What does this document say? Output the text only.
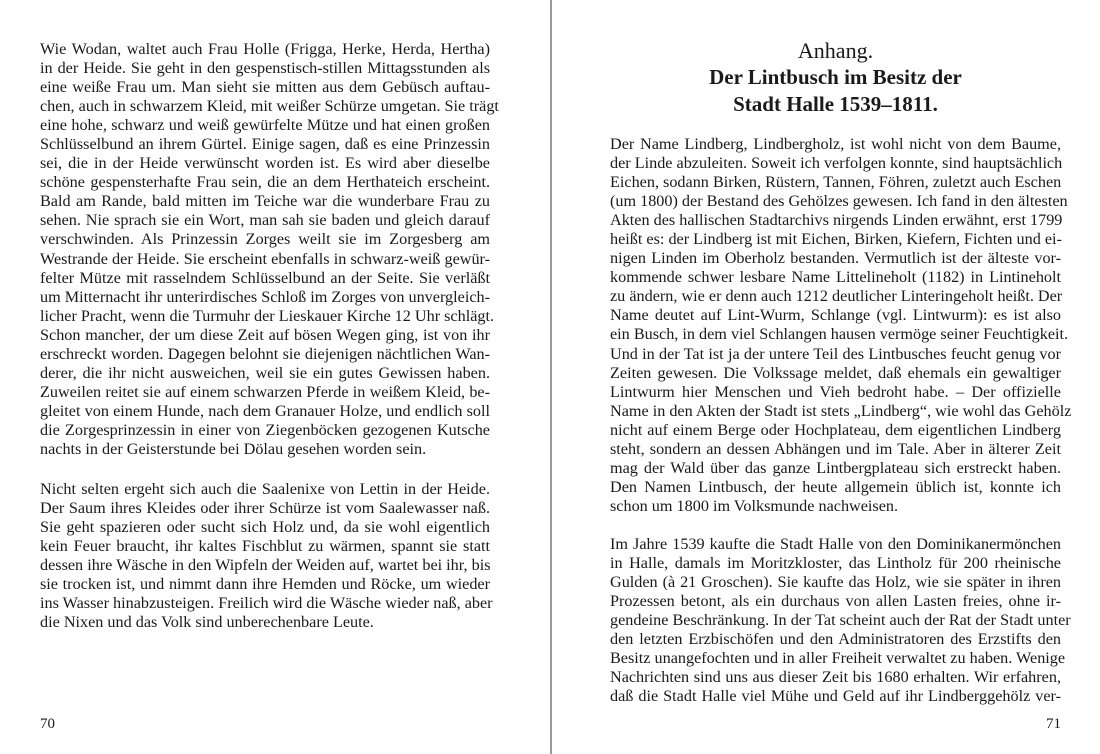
Wie Wodan, waltet auch Frau Holle (Frigga, Herke, Herda, Hertha)
in der Heide. Sie geht in den gespenstisch-stillen Mittagsstunden als
eine weiße Frau um. Man sieht sie mitten aus dem Gebüsch auftau-
chen, auch in schwarzem Kleid, mit weißer Schürze umgetan. Sie trägt
eine hohe, schwarz und weiß gewürfelte Mütze und hat einen großen
Schlüsselbund an ihrem Gürtel. Einige sagen, daß es eine Prinzessin
sei, die in der Heide verwünscht worden ist. Es wird aber dieselbe
schöne gespensterhafte Frau sein, die an dem Herthateich erscheint.
Bald am Rande, bald mitten im Teiche war die wunderbare Frau zu
sehen. Nie sprach sie ein Wort, man sah sie baden und gleich darauf
verschwinden. Als Prinzessin Zorges weilt sie im Zorgesberg am
Westrande der Heide. Sie erscheint ebenfalls in schwarz-weiß gewür-
felter Mütze mit rasselndem Schlüsselbund an der Seite. Sie verläßt
um Mitternacht ihr unterirdisches Schloß im Zorges von unvergleich-
licher Pracht, wenn die Turmuhr der Lieskauer Kirche 12 Uhr schlägt.
Schon mancher, der um diese Zeit auf bösen Wegen ging, ist von ihr
erschreckt worden. Dagegen belohnt sie diejenigen nächtlichen Wan-
derer, die ihr nicht ausweichen, weil sie ein gutes Gewissen haben.
Zuweilen reitet sie auf einem schwarzen Pferde in weißem Kleid, be-
gleitet von einem Hunde, nach dem Granauer Holze, und endlich soll
die Zorgesprinzessin in einer von Ziegenböcken gezogenen Kutsche
nachts in der Geisterstunde bei Dölau gesehen worden sein.
Nicht selten ergeht sich auch die Saalenixe von Lettin in der Heide.
Der Saum ihres Kleides oder ihrer Schürze ist vom Saalewasser naß.
Sie geht spazieren oder sucht sich Holz und, da sie wohl eigentlich
kein Feuer braucht, ihr kaltes Fischblut zu wärmen, spannt sie statt
dessen ihre Wäsche in den Wipfeln der Weiden auf, wartet bei ihr, bis
sie trocken ist, und nimmt dann ihre Hemden und Röcke, um wieder
ins Wasser hinabzusteigen. Freilich wird die Wäsche wieder naß, aber
die Nixen und das Volk sind unberechenbare Leute.
70
Anhang.
Der Lintbusch im Besitz der
Stadt Halle 1539–1811.
Der Name Lindberg, Lindbergholz, ist wohl nicht von dem Baume,
der Linde abzuleiten. Soweit ich verfolgen konnte, sind hauptsächlich
Eichen, sodann Birken, Rüstern, Tannen, Föhren, zuletzt auch Eschen
(um 1800) der Bestand des Gehölzes gewesen. Ich fand in den ältesten
Akten des hallischen Stadtarchivs nirgends Linden erwähnt, erst 1799
heißt es: der Lindberg ist mit Eichen, Birken, Kiefern, Fichten und ei-
nigen Linden im Oberholz bestanden. Vermutlich ist der älteste vor-
kommende schwer lesbare Name Littelineholt (1182) in Lintineholt
zu ändern, wie er denn auch 1212 deutlicher Linteringeholt heißt. Der
Name deutet auf Lint-Wurm, Schlange (vgl. Lintwurm): es ist also
ein Busch, in dem viel Schlangen hausen vermöge seiner Feuchtigkeit.
Und in der Tat ist ja der untere Teil des Lintbusches feucht genug vor
Zeiten gewesen. Die Volkssage meldet, daß ehemals ein gewaltiger
Lintwurm hier Menschen und Vieh bedroht habe. – Der offizielle
Name in den Akten der Stadt ist stets „Lindberg“, wie wohl das Gehölz
nicht auf einem Berge oder Hochplateau, dem eigentlichen Lindberg
steht, sondern an dessen Abhängen und im Tale. Aber in älterer Zeit
mag der Wald über das ganze Lintbergplateau sich erstreckt haben.
Den Namen Lintbusch, der heute allgemein üblich ist, konnte ich
schon um 1800 im Volksmunde nachweisen.
Im Jahre 1539 kaufte die Stadt Halle von den Dominikanermönchen
in Halle, damals im Moritzkloster, das Lintholz für 200 rheinische
Gulden (à 21 Groschen). Sie kaufte das Holz, wie sie später in ihren
Prozessen betont, als ein durchaus von allen Lasten freies, ohne ir-
gendeine Beschränkung. In der Tat scheint auch der Rat der Stadt unter
den letzten Erzbischöfen und den Administratoren des Erzstifts den
Besitz unangefochten und in aller Freiheit verwaltet zu haben. Wenige
Nachrichten sind uns aus dieser Zeit bis 1680 erhalten. Wir erfahren,
daß die Stadt Halle viel Mühe und Geld auf ihr Lindberggehölz ver-
71
